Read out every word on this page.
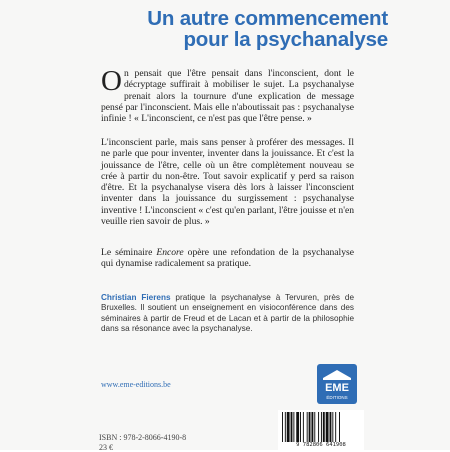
Un autre commencement
pour la psychanalyse
On pensait que l'être pensait dans l'inconscient, dont le décryptage suffirait à mobiliser le sujet. La psychanalyse prenait alors la tournure d'une explication de message pensé par l'inconscient. Mais elle n'aboutissait pas : psychanalyse infinie ! « L'inconscient, ce n'est pas que l'être pense. »
L'inconscient parle, mais sans penser à proférer des messages. Il ne parle que pour inventer, inventer dans la jouissance. Et c'est la jouissance de l'être, celle où un être complètement nouveau se crée à partir du non-être. Tout savoir explicatif y perd sa raison d'être. Et la psychanalyse visera dès lors à laisser l'inconscient inventer dans la jouissance du surgissement : psychanalyse inventive ! L'inconscient « c'est qu'en parlant, l'être jouisse et n'en veuille rien savoir de plus. »
Le séminaire Encore opère une refondation de la psychanalyse qui dynamise radicalement sa pratique.
Christian Fierens pratique la psychanalyse à Tervuren, près de Bruxelles. Il soutient un enseignement en visioconférence dans des séminaires à partir de Freud et de Lacan et à partir de la philosophie dans sa résonance avec la psychanalyse.
www.eme-editions.be	EME
ÉDITIONS
ISBN : 978-2-8066-4190-8
23 €	9 782806 641908
